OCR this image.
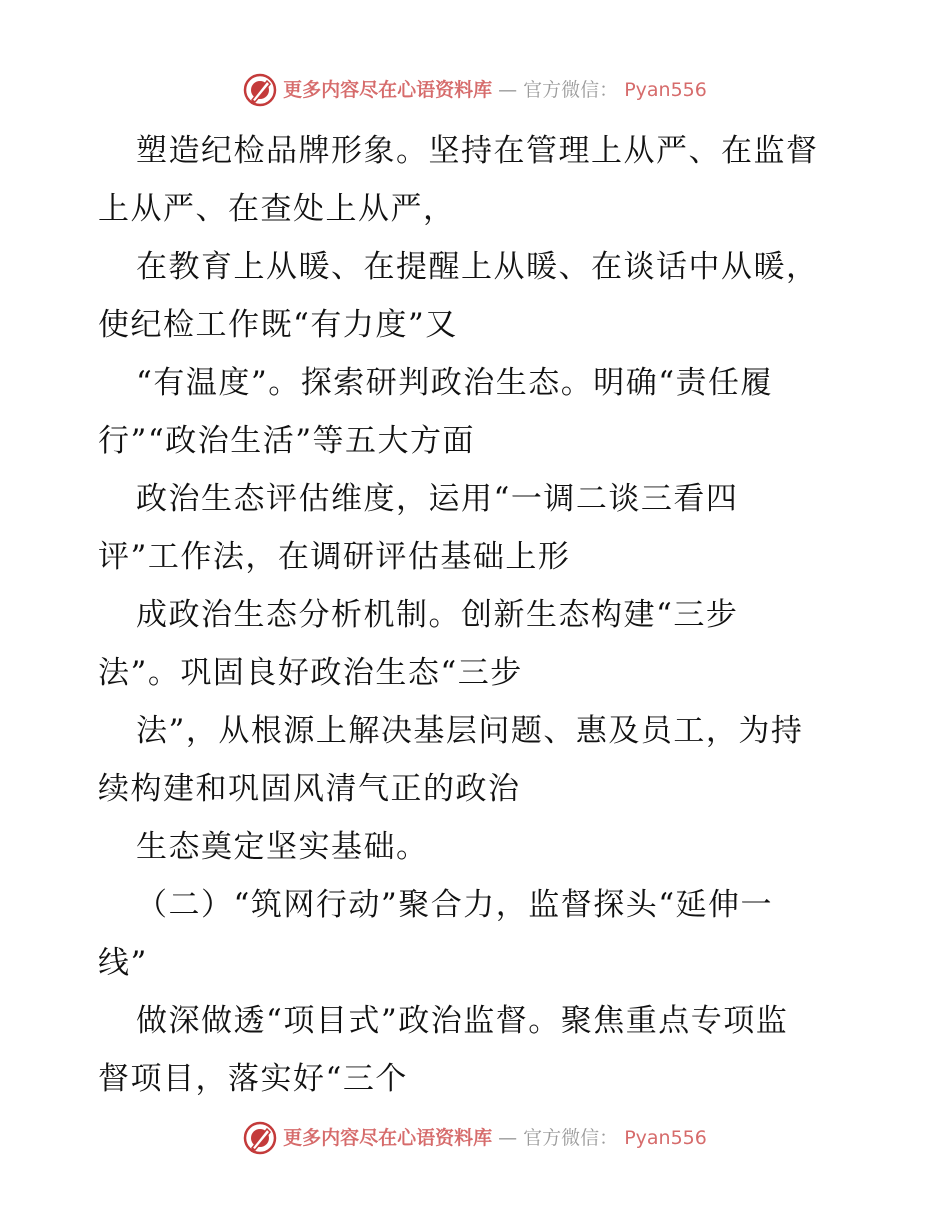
更多内容尽在心语资料库 — 官方微信： Pyan556
塑造纪检品牌形象。坚持在管理上从严、在监督
上从严、在查处上从严，
在教育上从暖、在提醒上从暖、在谈话中从暖，
使纪检工作既“有力度”又
“有温度”。探索研判政治生态。明确“责任履
行”“政治生活”等五大方面
政治生态评估维度，运用“一调二谈三看四
评”工作法，在调研评估基础上形
成政治生态分析机制。创新生态构建“三步
法”。巩固良好政治生态“三步
法”，从根源上解决基层问题、惠及员工，为持
续构建和巩固风清气正的政治
生态奠定坚实基础。
（二）“筑网行动”聚合力，监督探头“延伸一
线”
做深做透“项目式”政治监督。聚焦重点专项监
督项目，落实好“三个
更多内容尽在心语资料库 — 官方微信： Pyan556
